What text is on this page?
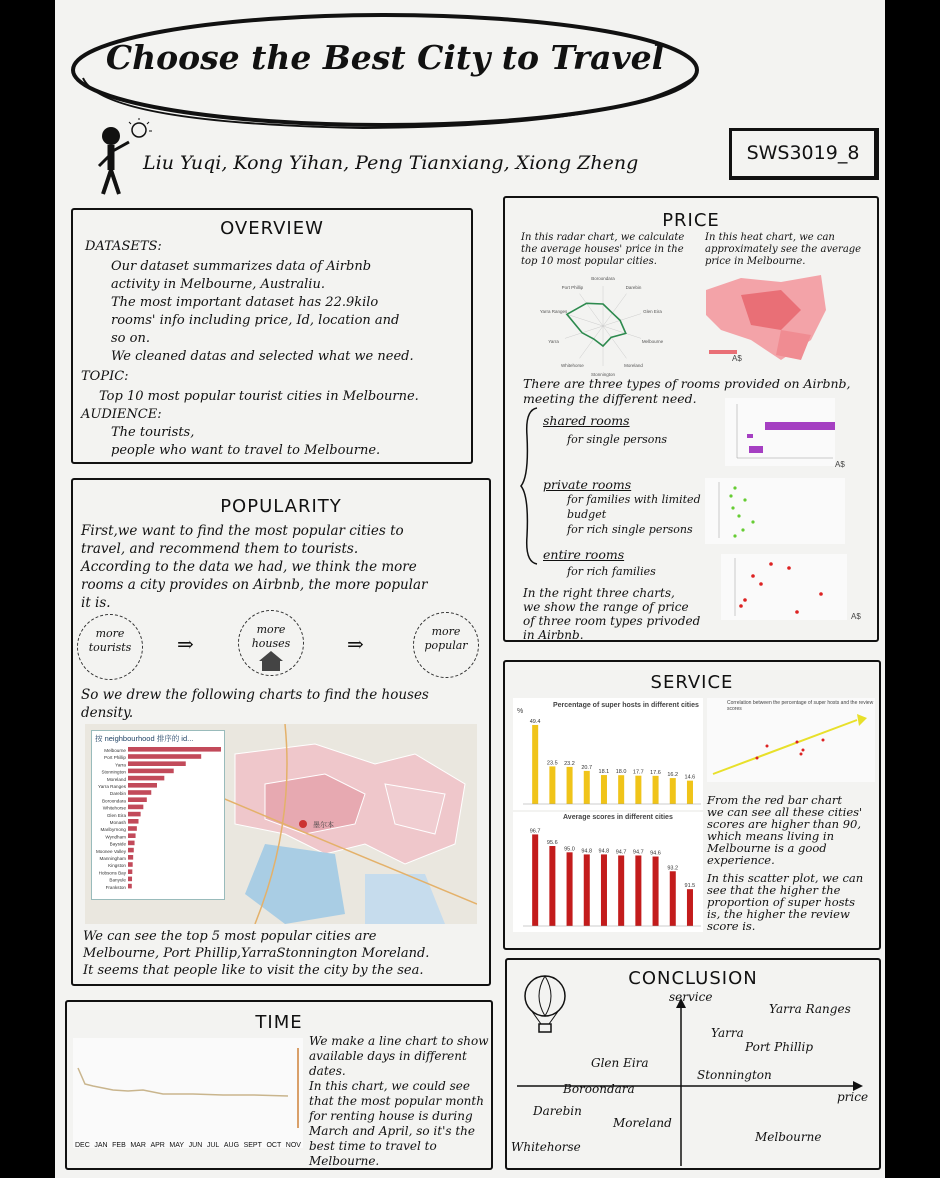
Choose the Best City to Travel
Liu Yuqi, Kong Yihan, Peng Tianxiang, Xiong Zheng	SWS3019_8
OVERVIEW
DATASETS:
Our dataset summarizes data of Airbnb
activity in Melbourne, Australiu.
The most important dataset has 22.9kilo
rooms' info including price, Id, location and
so on.
We cleaned datas and selected what we need.
TOPIC:
Top 10 most popular tourist cities in Melbourne.
AUDIENCE:
The tourists,
people who want to travel to Melbourne.
POPULARITY
First,we want to find the most popular cities to
travel, and recommend them to tourists.
According to the data we had, we think the more
rooms a city provides on Airbnb, the more popular
it is.
more
tourists	⇒
more
houses	⇒
more
popular
So we drew the following charts to find the houses
density.
墨尔本
按 neighbourhood 排序的 id...
Melbourne
Port Phillip
Yarra
Stonnington
Moreland
Yarra Ranges
Darebin
Boroondara
Whitehorse
Glen Eira
Monash
Maribyrnong
Wyndham
Bayside
Moonee Valley
Manningham
Kingston
Hobsons Bay
Banyule
Frankston
We can see the top 5 most popular cities are
Melbourne, Port Phillip,YarraStonnington Moreland.
It seems that people like to visit the city by the sea.
TIME
DEC JAN FEB MAR APR MAY JUN JUL AUG SEPT OCT NOV
We make a line chart to show
available days in different
dates.
In this chart, we could see
that the most popular month
for renting house is during
March and April, so it's the
best time to travel to
Melbourne.
PRICE
In this radar chart, we calculate
the average houses' price in the
top 10 most popular cities.
In this heat chart, we can
approximately see the average
price in Melbourne.
Boroondara
Darebin
Glen Eira
Melbourne
Moreland
Stonnington
Whitehorse
Yarra
Yarra Ranges
Port Phillip
A$
There are three types of rooms provided on Airbnb,
meeting the different need.
shared rooms
for single persons
private rooms
for families with limited
budget
for rich single persons
entire rooms
for rich families
In the right three charts,
we show the range of price
of three room types privoded
in Airbnb.
A$
A$
SERVICE
Percentage of super hosts in different cities
%
49.4
23.5 23.2
20.7
18.1 18.0 17.7 17.6 16.2 14.6
Average scores in different cities
96.7
95.6
95.0 94.8 94.8 94.7 94.7 94.6
93.2
91.5
Correlation between the percentage of super hosts and the review scores
From the red bar chart
we can see all these cities'
scores are higher than 90,
which means living in
Melbourne is a good
experience.
In this scatter plot, we can
see that the higher the
proportion of super hosts
is, the higher the review
score is.
CONCLUSION
service
price
Yarra Ranges
Yarra
Port Phillip
Glen Eira
Stonnington
Boroondara
Darebin
Moreland
Melbourne
Whitehorse
